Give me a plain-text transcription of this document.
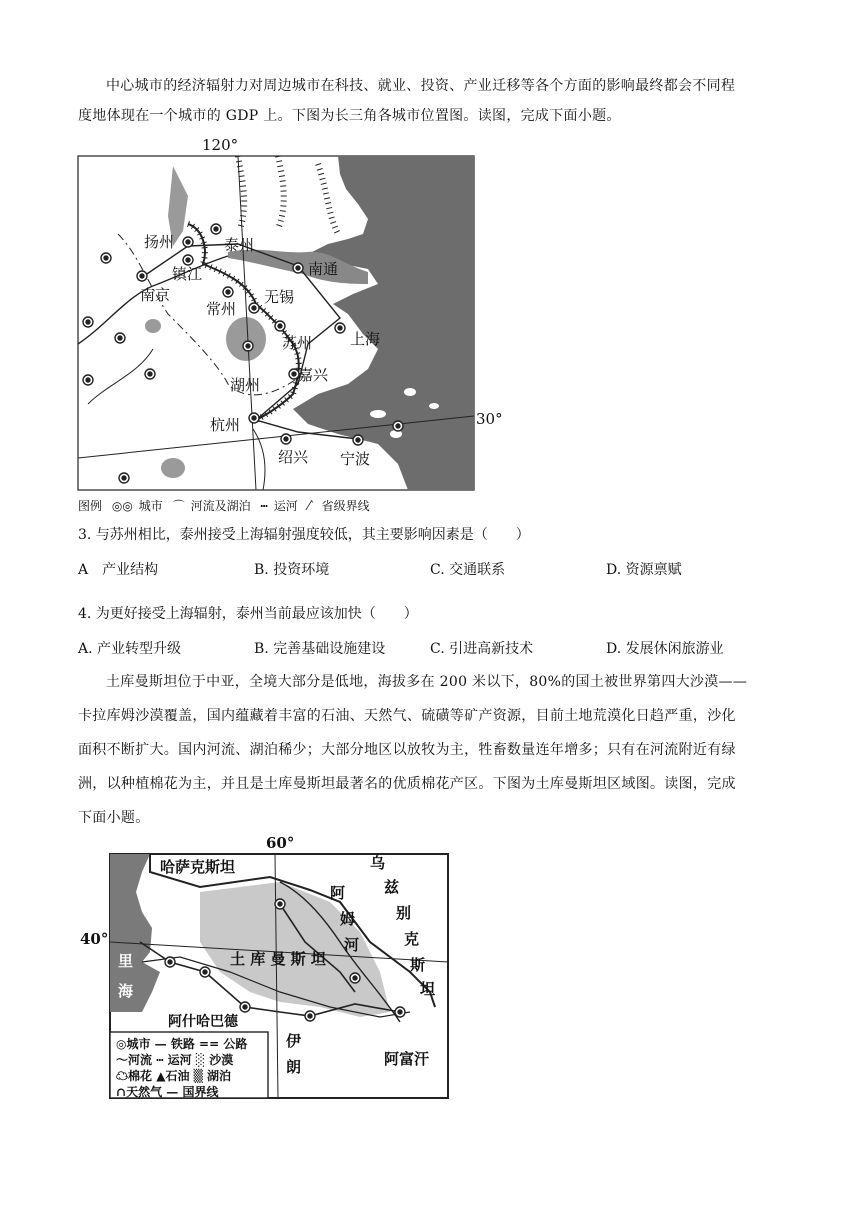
中心城市的经济辐射力对周边城市在科技、就业、投资、产业迁移等各个方面的影响最终都会不同程

度地体现在一个城市的 GDP 上。下图为长三角各城市位置图。读图，完成下面小题。

120°
30°
扬州	泰州
镇江	南通
南京
常州
无锡
上海
苏州
湖州
嘉兴
杭州
绍兴 宁波
图例 ◎◎ 城市 ⌒ 河流及湖泊 ┅ 运河 ⁄ˋ 省级界线

3. 与苏州相比，泰州接受上海辐射强度较低，其主要影响因素是（　　）

A　产业结构	B. 投资环境	C. 交通联系	D. 资源禀赋

4. 为更好接受上海辐射，泰州当前最应该加快（　　）

A. 产业转型升级	B. 完善基础设施建设	C. 引进高新技术	D. 发展休闲旅游业

土库曼斯坦位于中亚，全境大部分是低地，海拔多在 200 米以下，80%的国土被世界第四大沙漠——

卡拉库姆沙漠覆盖，国内蕴藏着丰富的石油、天然气、硫磺等矿产资源，目前土地荒漠化日趋严重，沙化

面积不断扩大。国内河流、湖泊稀少；大部分地区以放牧为主，牲畜数量连年增多；只有在河流附近有绿

洲，以种植棉花为主，并且是土库曼斯坦最著名的优质棉花产区。下图为土库曼斯坦区域图。读图，完成

下面小题。

◎城市 — 铁路 == 公路
～河流 ┅ 运河 ░ 沙漠
☁棉花 ▲石油 ▒ 湖泊
∩天然气 — 国界线
60°
40°
哈萨克斯坦	乌
兹
别
克
斯
坦
阿
姆
河
土 库 曼 斯 坦
里
海
伊
朗	阿富汗
阿什哈巴德
